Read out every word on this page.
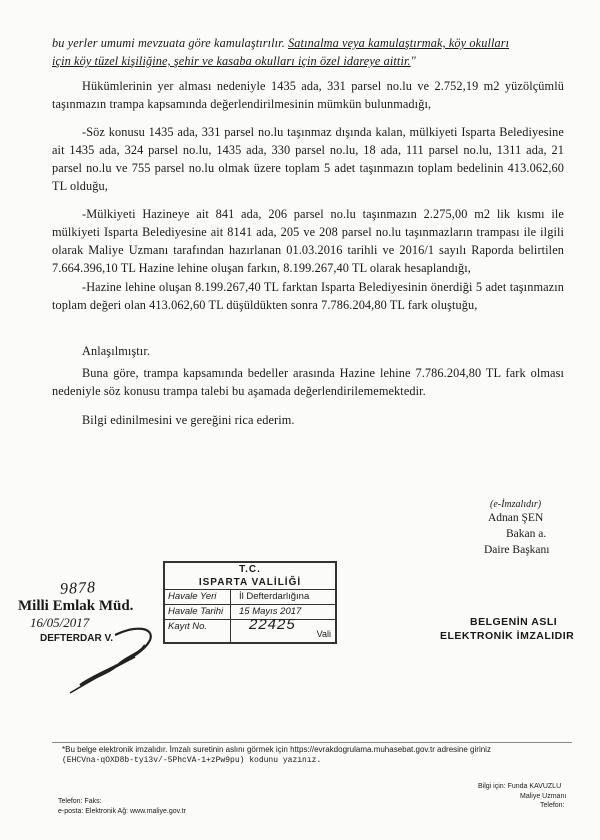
bu yerler umumi mevzuata göre kamulaştırılır. Satınalma veya kamulaştırmak, köy okulları
için köy tüzel kişiliğine, şehir ve kasaba okulları için özel idareye aittir."
Hükümlerinin yer alması nedeniyle 1435 ada, 331 parsel no.lu ve 2.752,19 m2 yüzölçümlü taşınmazın trampa kapsamında değerlendirilmesinin mümkün bulunmadığı,
-Söz konusu 1435 ada, 331 parsel no.lu taşınmaz dışında kalan, mülkiyeti Isparta Belediyesine ait 1435 ada, 324 parsel no.lu, 1435 ada, 330 parsel no.lu, 18 ada, 111 parsel no.lu, 1311 ada, 21 parsel no.lu ve 755 parsel no.lu olmak üzere toplam 5 adet taşınmazın toplam bedelinin 413.062,60 TL olduğu,
-Mülkiyeti Hazineye ait 841 ada, 206 parsel no.lu taşınmazın 2.275,00 m2 lik kısmı ile mülkiyeti Isparta Belediyesine ait 8141 ada, 205 ve 208 parsel no.lu taşınmazların trampası ile ilgili olarak Maliye Uzmanı tarafından hazırlanan 01.03.2016 tarihli ve 2016/1 sayılı Raporda belirtilen 7.664.396,10 TL Hazine lehine oluşan farkın, 8.199.267,40 TL olarak hesaplandığı,
-Hazine lehine oluşan 8.199.267,40 TL farktan Isparta Belediyesinin önerdiği 5 adet taşınmazın toplam değeri olan 413.062,60 TL düşüldükten sonra 7.786.204,80 TL fark oluştuğu,
Anlaşılmıştır.
Buna göre, trampa kapsamında bedeller arasında Hazine lehine 7.786.204,80 TL fark olması nedeniyle söz konusu trampa talebi bu aşamada değerlendirilememektedir.
Bilgi edinilmesini ve gereğini rica ederim.
(e-İmzalıdır)
Adnan ŞEN
Bakan a.
Daire Başkanı
9878
Milli Emlak Müd.
16/05/2017
DEFTERDAR V.
T.C.
ISPARTA VALİLİĞİ
Havale Yeri	İl Defterdarlığına
Havale Tarihi	15 Mayıs 2017
Kayıt No.	22425
Vali
BELGENİN ASLI
ELEKTRONİK İMZALIDIR
*Bu belge elektronik imzalıdır. İmzalı suretinin aslını görmek için https://evrakdogrulama.muhasebat.gov.tr adresine giriniz
(EHCVna-qOXD8b-tyi3v/-5PhcVA-1+zPw9pu) kodunu yazınız.
Telefon: Faks:
e-posta: Elektronik Ağ: www.maliye.gov.tr
Bilgi için: Funda KAVUZLU
Maliye Uzmanı
Telefon:
